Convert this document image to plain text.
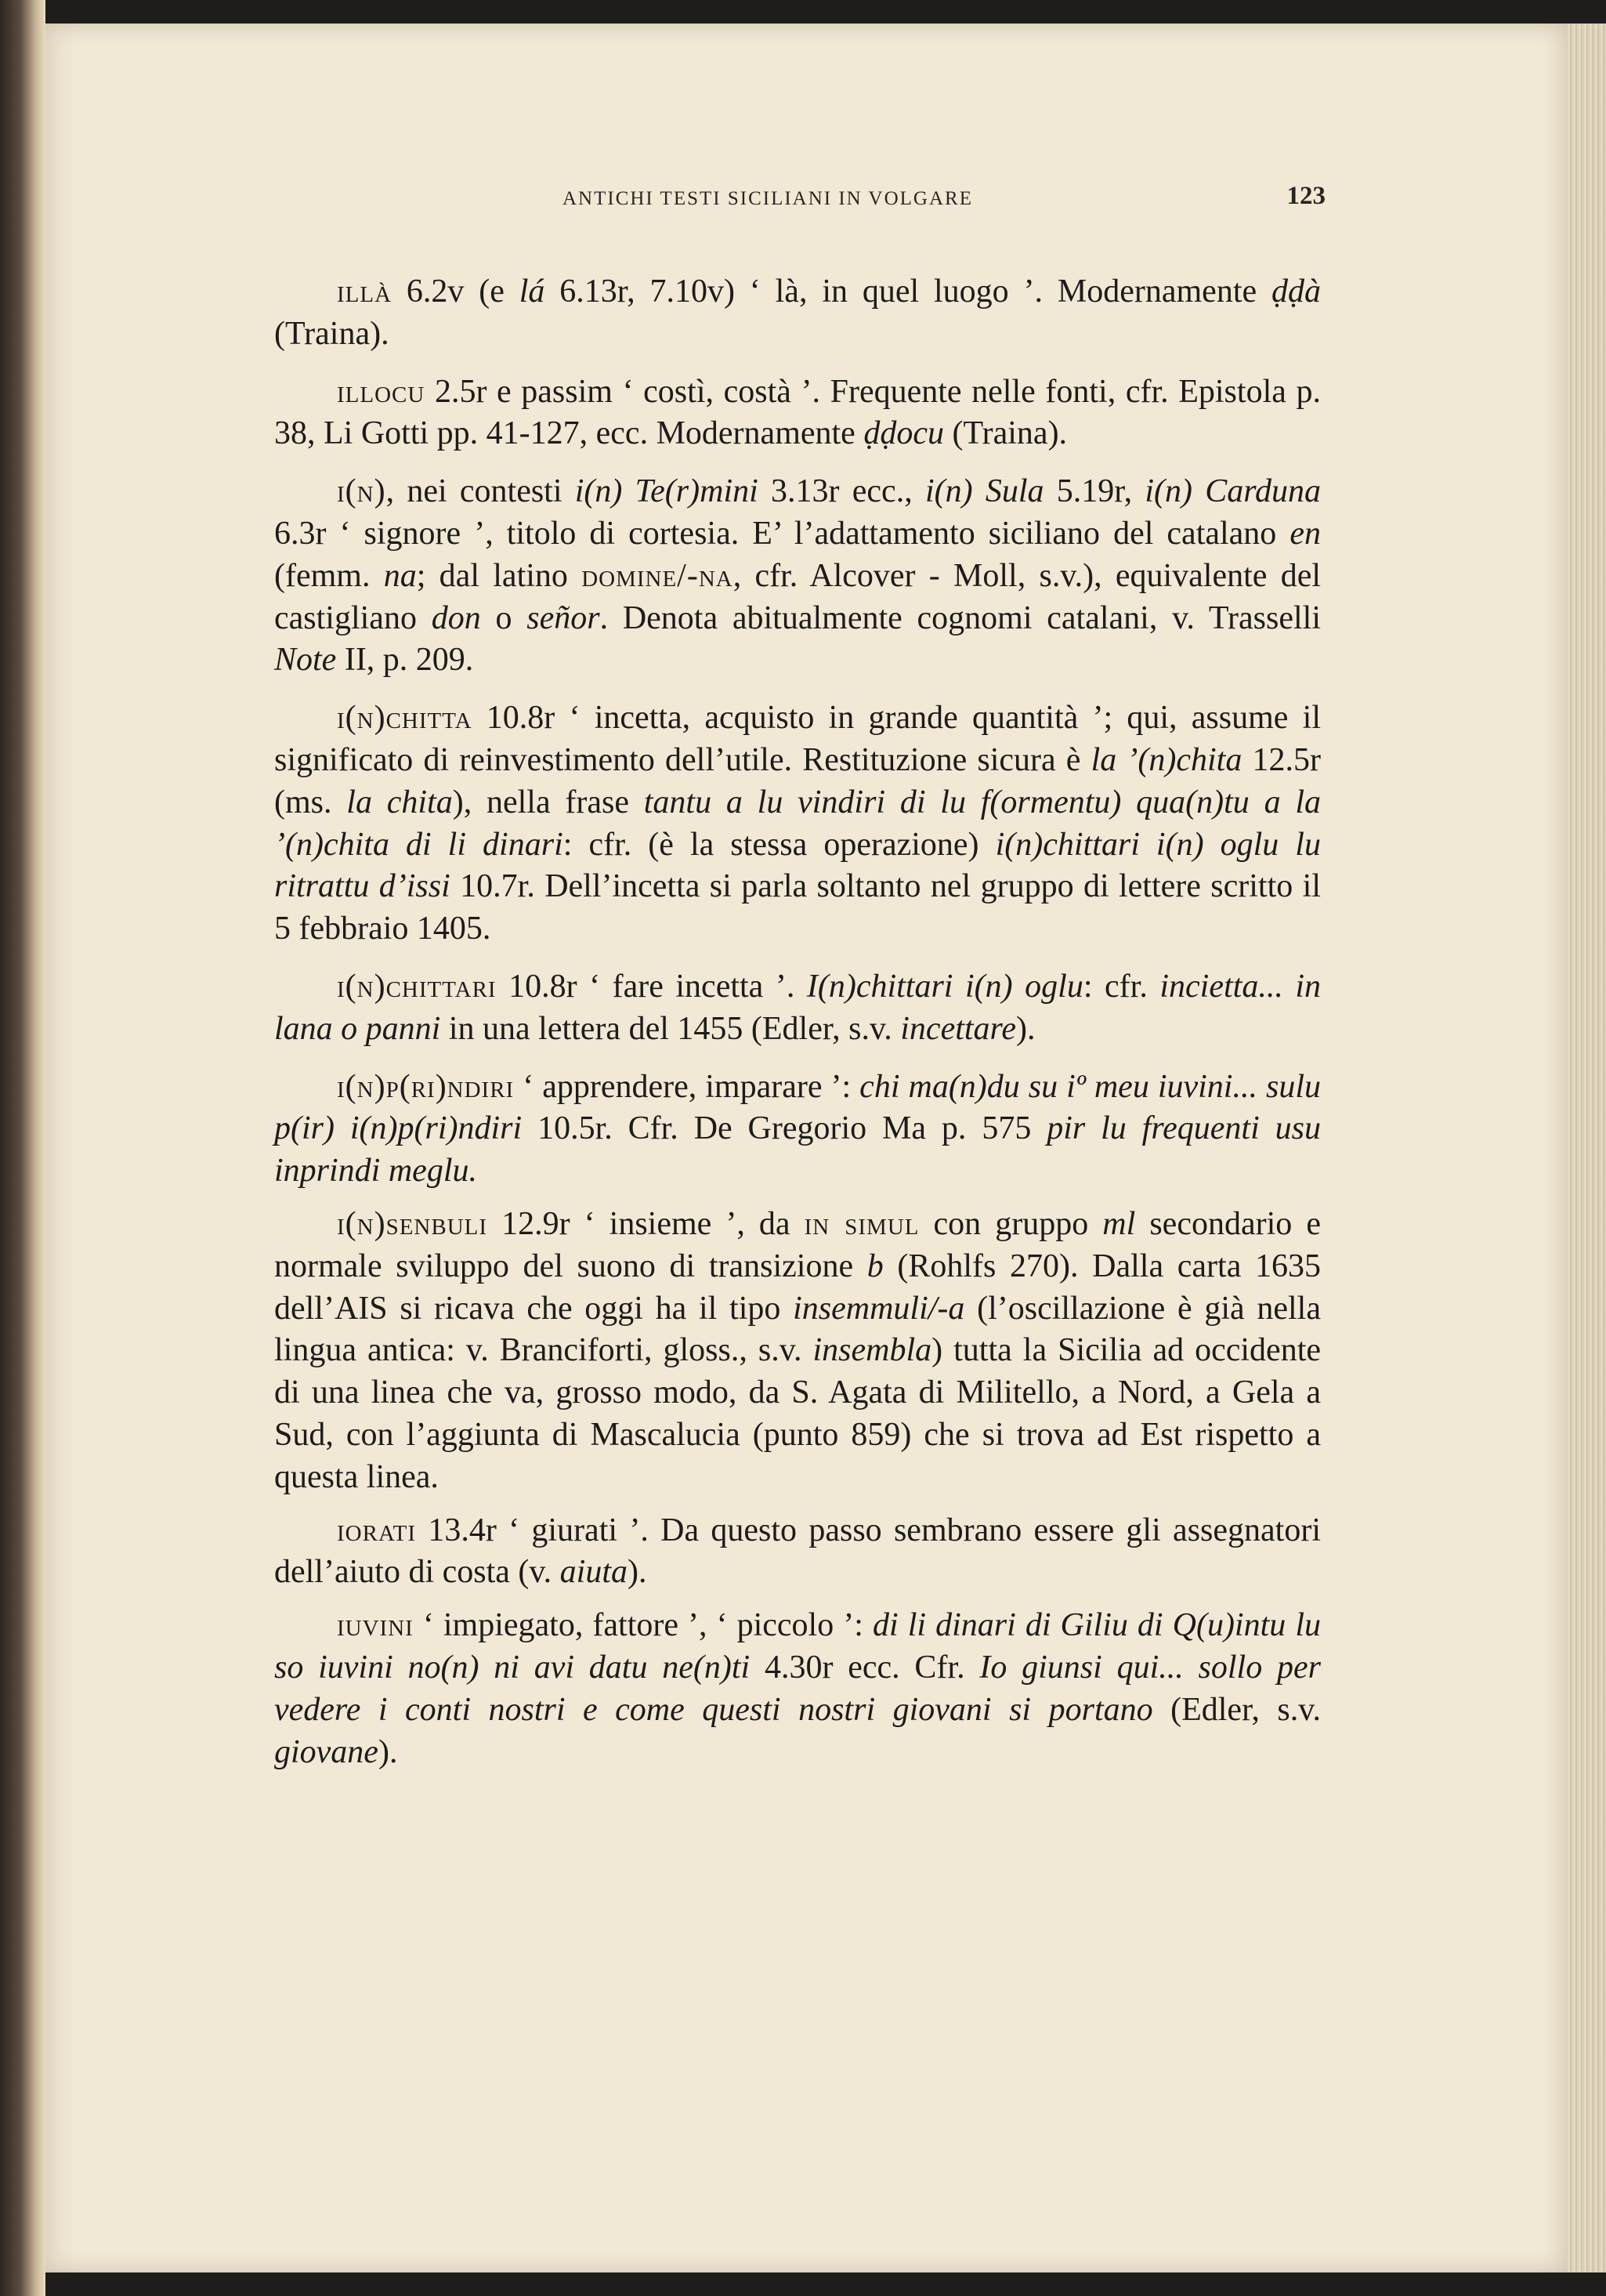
ANTICHI TESTI SICILIANI IN VOLGARE	123

illà 6.2v (e lá 6.13r, 7.10v) ‘ là, in quel luogo ’. Modernamente ḍḍà (Traina).

illocu 2.5r e passim ‘ costì, costà ’. Frequente nelle fonti, cfr. Epistola p. 38, Li Gotti pp. 41-127, ecc. Modernamente ḍḍocu (Traina).

i(n), nei contesti i(n) Te(r)mini 3.13r ecc., i(n) Sula 5.19r, i(n) Carduna 6.3r ‘ signore ’, titolo di cortesia. E’ l’adattamento siciliano del catalano en (femm. na; dal latino domine/-na, cfr. Alcover - Moll, s.v.), equivalente del castigliano don o señor. Denota abitualmente cognomi catalani, v. Trasselli Note II, p. 209.

i(n)chitta 10.8r ‘ incetta, acquisto in grande quantità ’; qui, assume il significato di reinvestimento dell’utile. Restituzione sicura è la ’(n)chita 12.5r (ms. la chita), nella frase tantu a lu vindiri di lu f(ormentu) qua(n)tu a la ’(n)chita di li dinari: cfr. (è la stessa operazione) i(n)chittari i(n) oglu lu ritrattu d’issi 10.7r. Dell’incetta si parla soltanto nel gruppo di lettere scritto il 5 febbraio 1405.

i(n)chittari 10.8r ‘ fare incetta ’. I(n)chittari i(n) oglu: cfr. incietta... in lana o panni in una lettera del 1455 (Edler, s.v. incettare).

i(n)p(ri)ndiri ‘ apprendere, imparare ’: chi ma(n)du su iº meu iuvini... sulu p(ir) i(n)p(ri)ndiri 10.5r. Cfr. De Gregorio Ma p. 575 pir lu frequenti usu inprindi meglu.

i(n)senbuli 12.9r ‘ insieme ’, da in simul con gruppo ml secondario e normale sviluppo del suono di transizione b (Rohlfs 270). Dalla carta 1635 dell’AIS si ricava che oggi ha il tipo insemmuli/-a (l’oscillazione è già nella lingua antica: v. Branciforti, gloss., s.v. insembla) tutta la Sicilia ad occidente di una linea che va, grosso modo, da S. Agata di Militello, a Nord, a Gela a Sud, con l’aggiunta di Mascalucia (punto 859) che si trova ad Est rispetto a questa linea.

iorati 13.4r ‘ giurati ’. Da questo passo sembrano essere gli assegnatori dell’aiuto di costa (v. aiuta).

iuvini ‘ impiegato, fattore ’, ‘ piccolo ’: di li dinari di Giliu di Q(u)intu lu so iuvini no(n) ni avi datu ne(n)ti 4.30r ecc. Cfr. Io giunsi qui... sollo per vedere i conti nostri e come questi nostri giovani si portano (Edler, s.v. giovane).
